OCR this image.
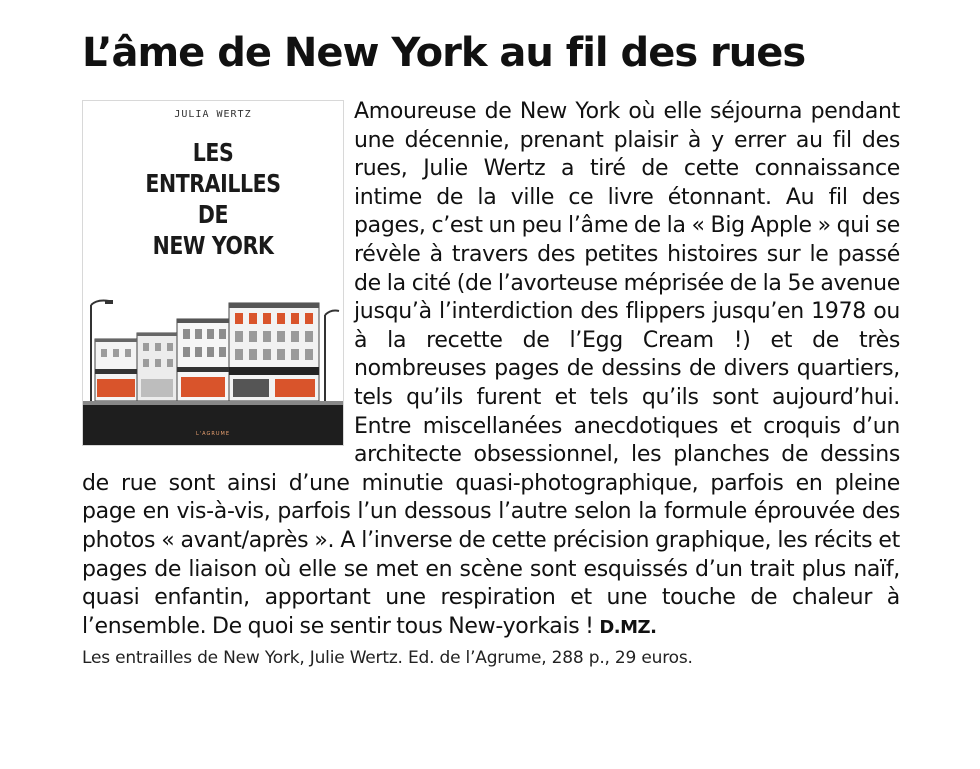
L’âme de New York au fil des rues
JULIA WERTZ
LES
ENTRAILLES
DE
NEW YORK
L'AGRUME

Amoureuse de New York où elle séjourna pendant une décennie, prenant plaisir à y errer au fil des rues, Julie Wertz a tiré de cette connaissance intime de la ville ce livre étonnant. Au fil des pages, c’est un peu l’âme de la « Big Apple » qui se révèle à travers des petites histoires sur le passé de la cité (de l’avorteuse méprisée de la 5e avenue jusqu’à l’interdiction des flippers jusqu’en 1978 ou à la recette de l’Egg Cream !) et de très nombreuses pages de dessins de divers quartiers, tels qu’ils furent et tels qu’ils sont aujourd’hui. Entre miscellanées anecdotiques et croquis d’un architecte obsessionnel, les planches de dessins de rue sont ainsi d’une minutie quasi-photographique, parfois en pleine page en vis-à-vis, parfois l’un dessous l’autre selon la formule éprouvée des photos « avant/après ». A l’inverse de cette précision graphique, les récits et pages de liaison où elle se met en scène sont esquissés d’un trait plus naïf, quasi enfantin, apportant une respiration et une touche de chaleur à l’ensemble. De quoi se sentir tous New-yorkais ! D.MZ.

Les entrailles de New York, Julie Wertz. Ed. de l’Agrume, 288 p., 29 euros.
